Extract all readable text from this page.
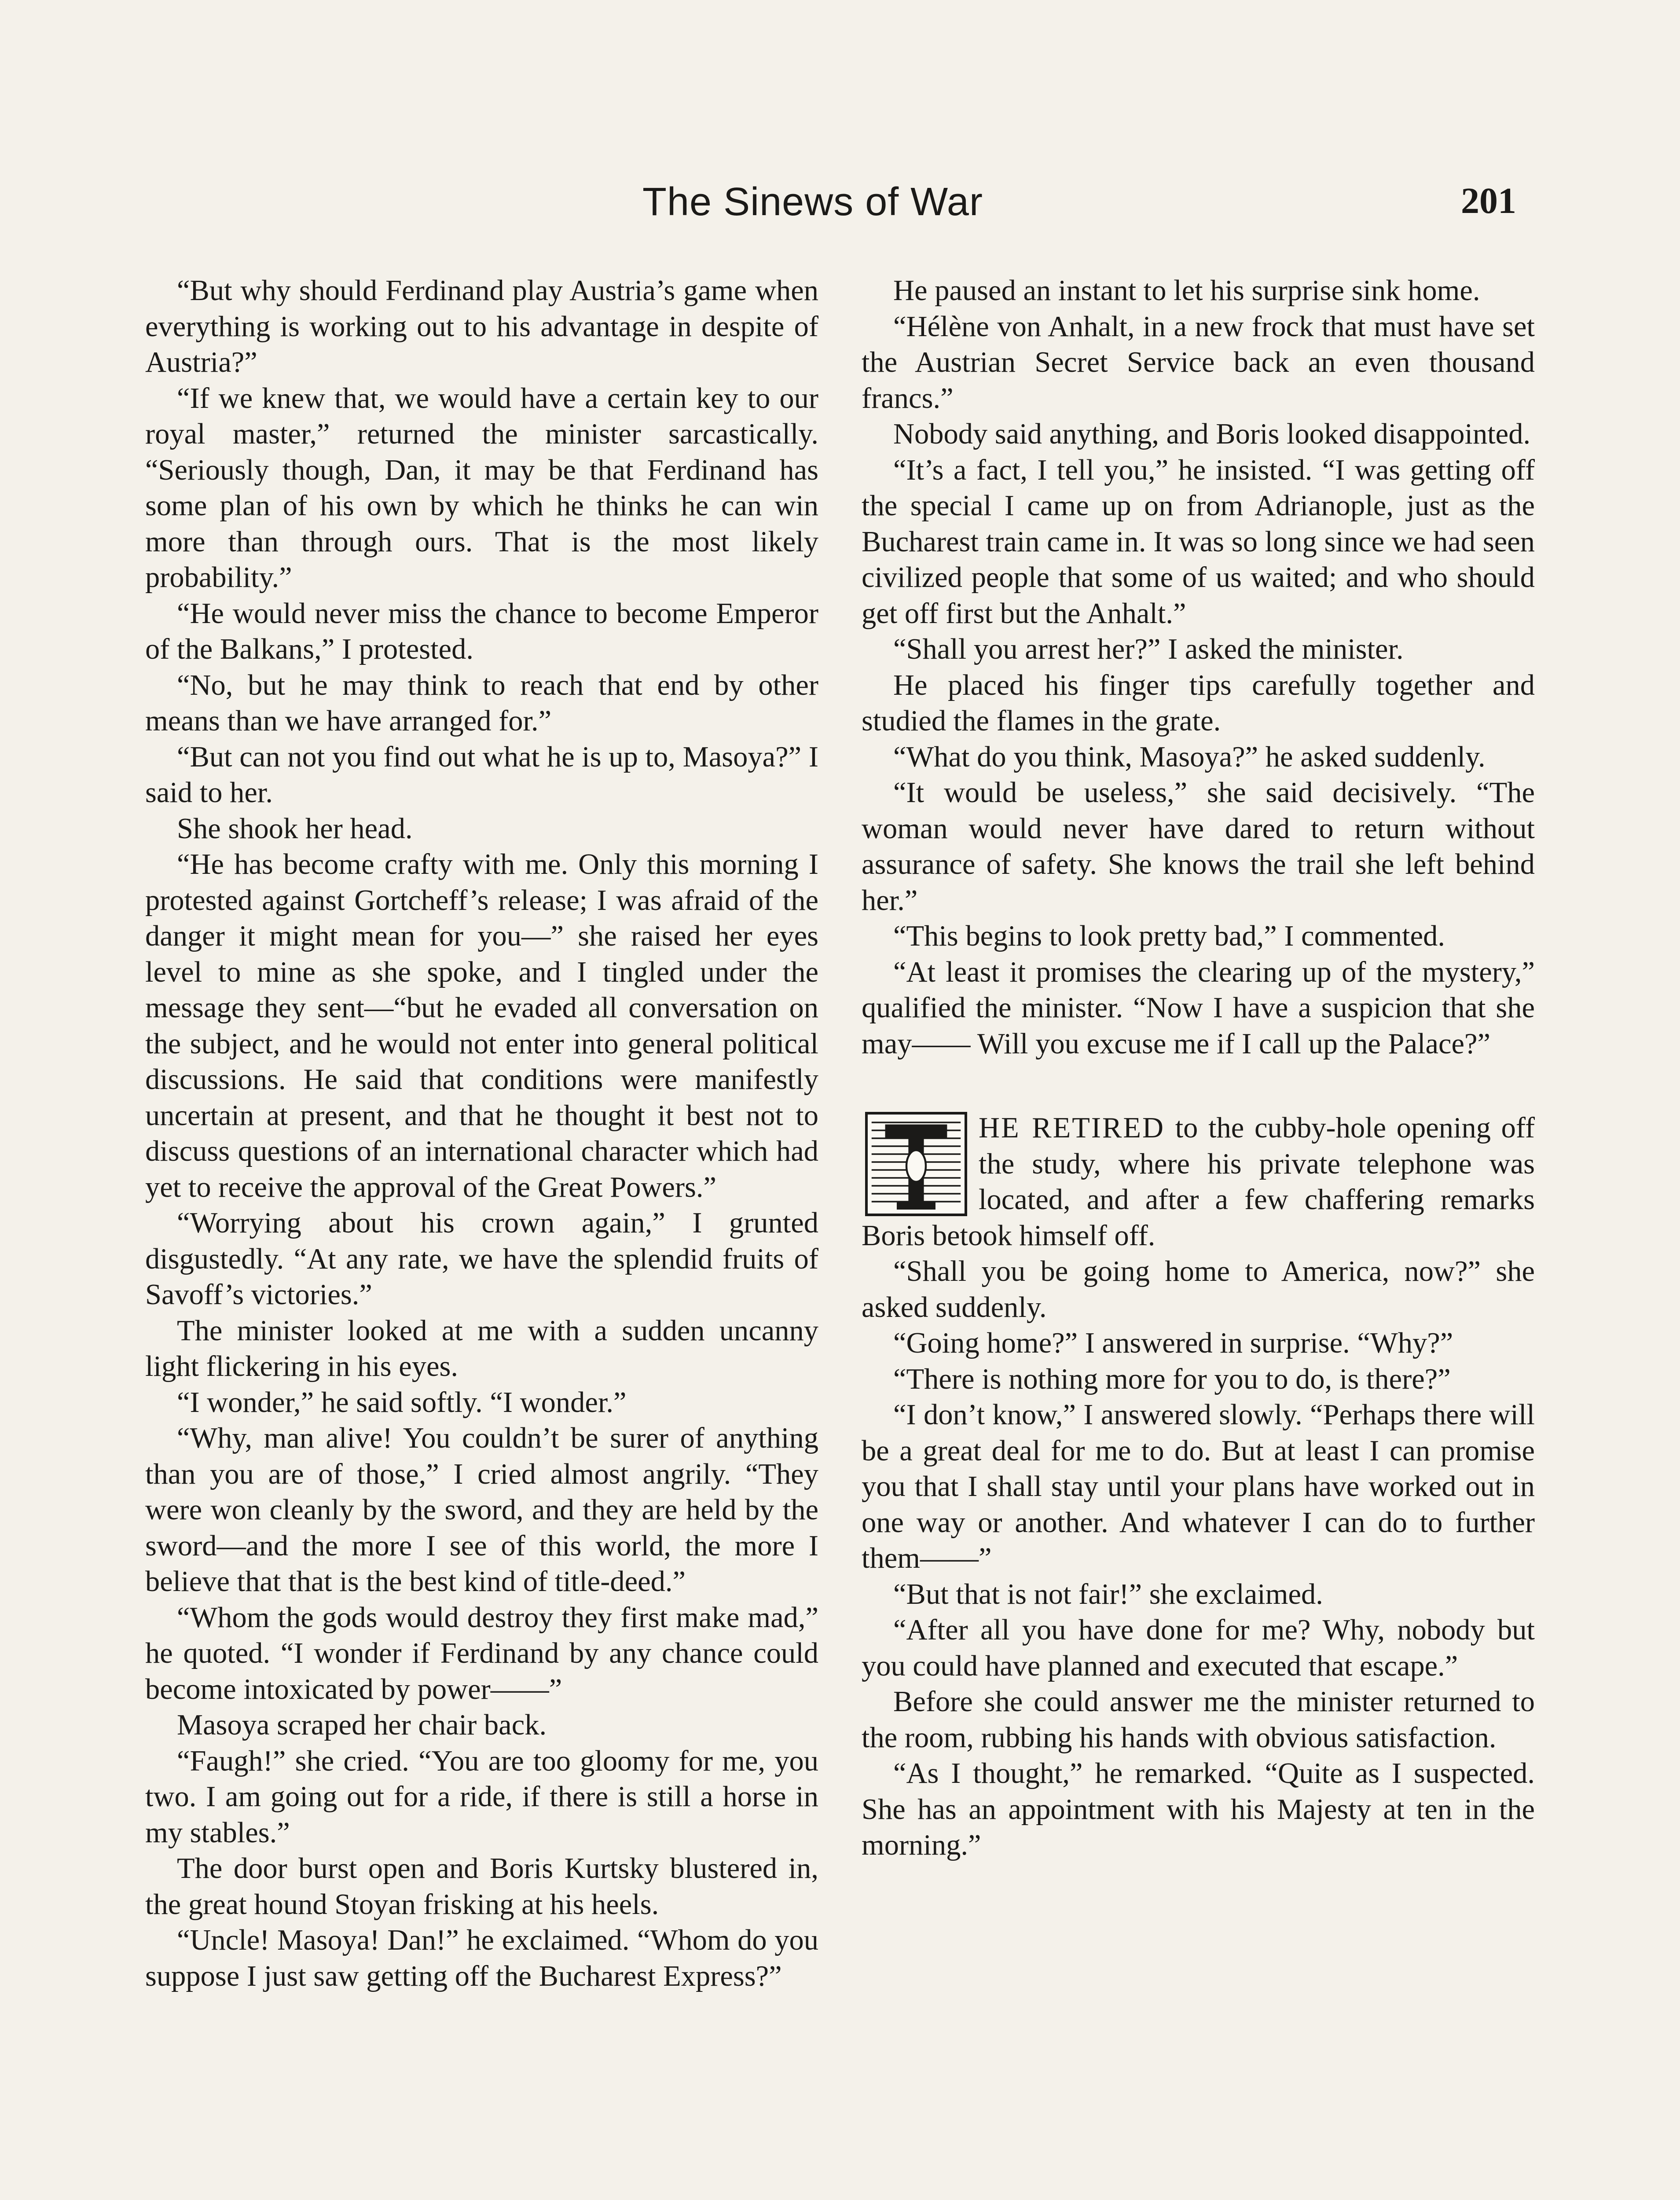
The Sinews of War	201

“But why should Ferdinand play Austria’s game when everything is working out to his advantage in despite of Austria?”

“If we knew that, we would have a certain key to our royal master,” returned the minister sarcastically. “Seriously though, Dan, it may be that Ferdinand has some plan of his own by which he thinks he can win more than through ours. That is the most likely probability.”

“He would never miss the chance to become Emperor of the Balkans,” I protested.

“No, but he may think to reach that end by other means than we have arranged for.”

“But can not you find out what he is up to, Masoya?” I said to her.

She shook her head.

“He has become crafty with me. Only this morning I protested against Gortcheff’s release; I was afraid of the danger it might mean for you—” she raised her eyes level to mine as she spoke, and I tingled under the message they sent—“but he evaded all conversation on the subject, and he would not enter into general political discussions. He said that conditions were manifestly uncertain at present, and that he thought it best not to discuss questions of an international character which had yet to receive the approval of the Great Powers.”

“Worrying about his crown again,” I grunted disgustedly. “At any rate, we have the splendid fruits of Savoff’s victories.”

The minister looked at me with a sudden uncanny light flickering in his eyes.

“I wonder,” he said softly. “I wonder.”

“Why, man alive! You couldn’t be surer of anything than you are of those,” I cried almost angrily. “They were won cleanly by the sword, and they are held by the sword—and the more I see of this world, the more I believe that that is the best kind of title-deed.”

“Whom the gods would destroy they first make mad,” he quoted. “I wonder if Ferdinand by any chance could become intoxicated by power——”

Masoya scraped her chair back.

“Faugh!” she cried. “You are too gloomy for me, you two. I am going out for a ride, if there is still a horse in my stables.”

The door burst open and Boris Kurtsky blustered in, the great hound Stoyan frisking at his heels.

“Uncle! Masoya! Dan!” he exclaimed. “Whom do you suppose I just saw getting off the Bucharest Express?”

He paused an instant to let his surprise sink home.

“Hélène von Anhalt, in a new frock that must have set the Austrian Secret Service back an even thousand francs.”

Nobody said anything, and Boris looked disappointed.

“It’s a fact, I tell you,” he insisted. “I was getting off the special I came up on from Adrianople, just as the Bucharest train came in. It was so long since we had seen civilized people that some of us waited; and who should get off first but the Anhalt.”

“Shall you arrest her?” I asked the minister.

He placed his finger tips carefully together and studied the flames in the grate.

“What do you think, Masoya?” he asked suddenly.

“It would be useless,” she said decisively. “The woman would never have dared to return without assurance of safety. She knows the trail she left behind her.”

“This begins to look pretty bad,” I commented.

“At least it promises the clearing up of the mystery,” qualified the minister. “Now I have a suspicion that she may—— Will you excuse me if I call up the Palace?”

HE RETIRED to the cubby-hole opening off the study, where his private telephone was located, and after a few chaffering remarks Boris betook himself off.

“Shall you be going home to America, now?” she asked suddenly.

“Going home?” I answered in surprise. “Why?”

“There is nothing more for you to do, is there?”

“I don’t know,” I answered slowly. “Perhaps there will be a great deal for me to do. But at least I can promise you that I shall stay until your plans have worked out in one way or another. And whatever I can do to further them——”

“But that is not fair!” she exclaimed.

“After all you have done for me? Why, nobody but you could have planned and executed that escape.”

Before she could answer me the minister returned to the room, rubbing his hands with obvious satisfaction.

“As I thought,” he remarked. “Quite as I suspected. She has an appointment with his Majesty at ten in the morning.”
